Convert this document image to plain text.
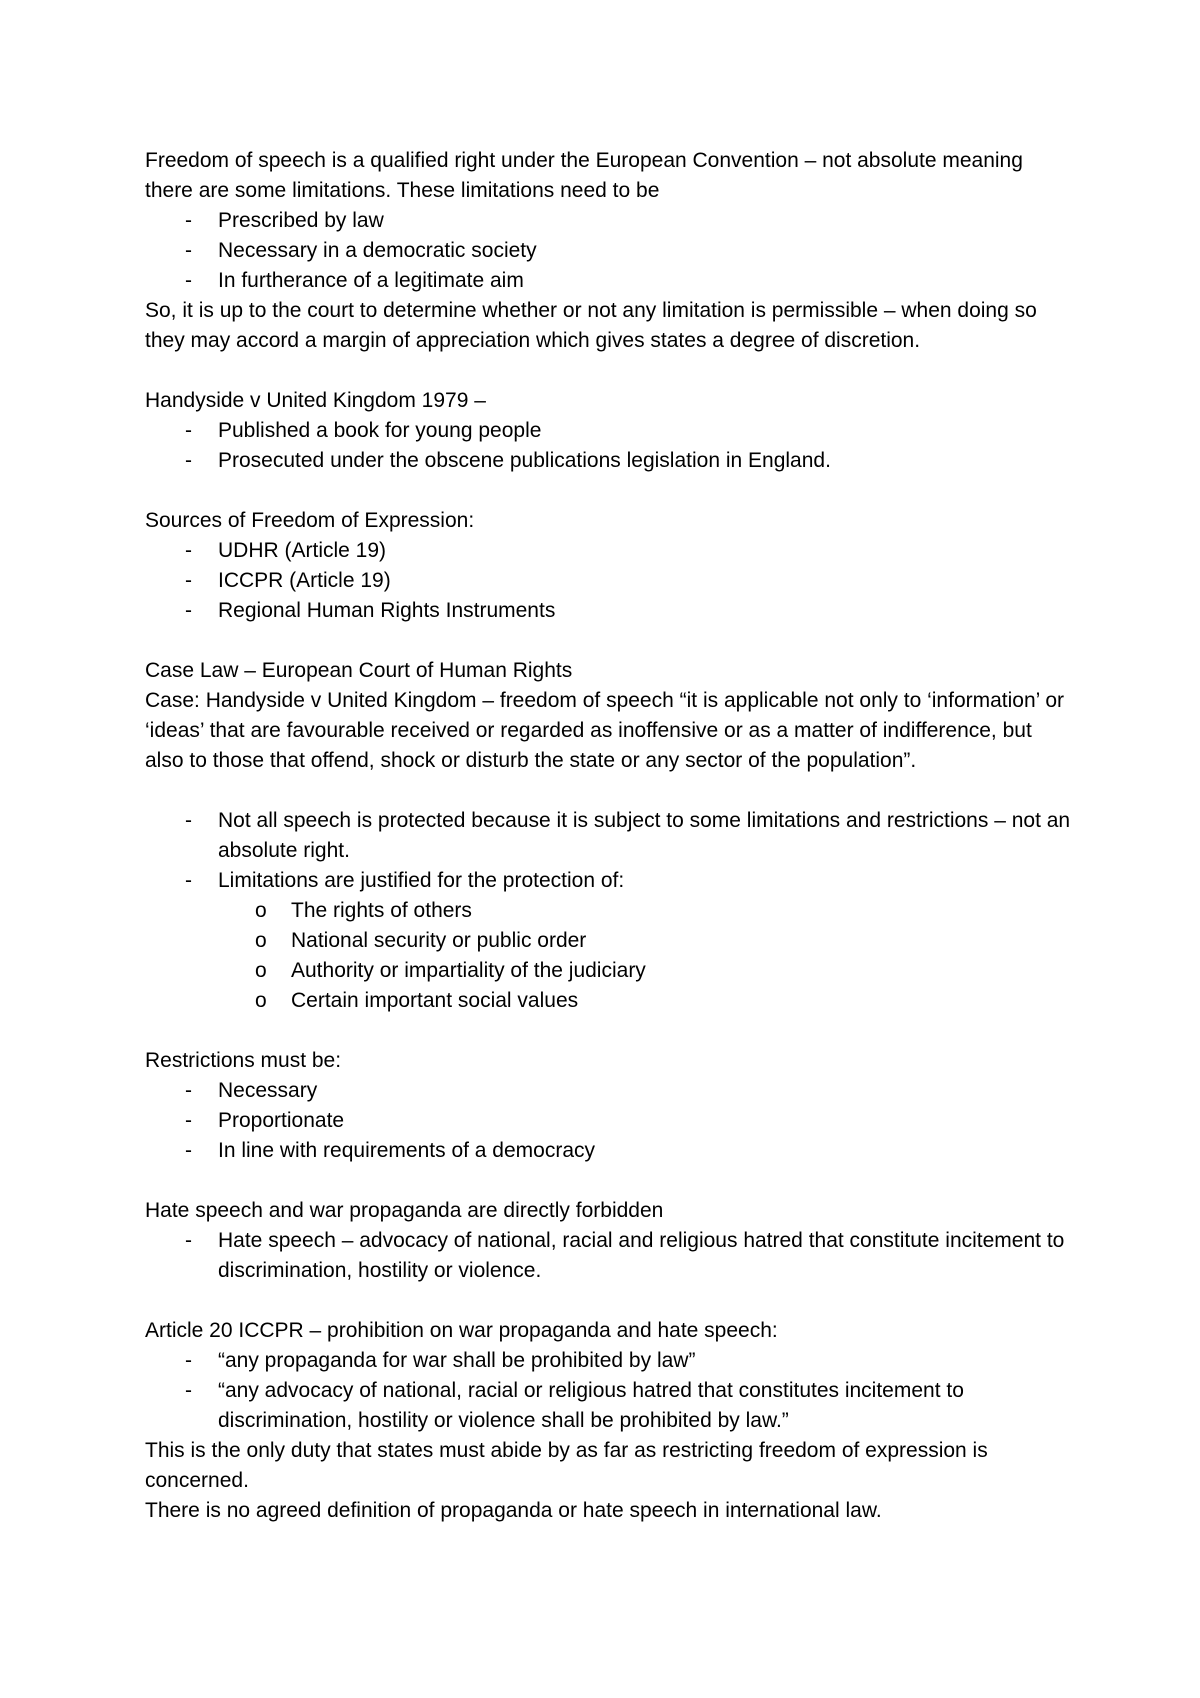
Freedom of speech is a qualified right under the European Convention – not absolute meaning there are some limitations. These limitations need to be

- Prescribed by law
- Necessary in a democratic society
- In furtherance of a legitimate aim

So, it is up to the court to determine whether or not any limitation is permissible – when doing so they may accord a margin of appreciation which gives states a degree of discretion.

Handyside v United Kingdom 1979 –

- Published a book for young people
- Prosecuted under the obscene publications legislation in England.

Sources of Freedom of Expression:

- UDHR (Article 19)
- ICCPR (Article 19)
- Regional Human Rights Instruments

Case Law – European Court of Human Rights

Case: Handyside v United Kingdom – freedom of speech “it is applicable not only to ‘information’ or ‘ideas’ that are favourable received or regarded as inoffensive or as a matter of indifference, but also to those that offend, shock or disturb the state or any sector of the population”.

- Not all speech is protected because it is subject to some limitations and restrictions – not an absolute right.
- Limitations are justified for the protection of:
o The rights of others
o National security or public order
o Authority or impartiality of the judiciary
o Certain important social values

Restrictions must be:

- Necessary
- Proportionate
- In line with requirements of a democracy

Hate speech and war propaganda are directly forbidden

- Hate speech – advocacy of national, racial and religious hatred that constitute incitement to discrimination, hostility or violence.

Article 20 ICCPR – prohibition on war propaganda and hate speech:

- “any propaganda for war shall be prohibited by law”
- “any advocacy of national, racial or religious hatred that constitutes incitement to discrimination, hostility or violence shall be prohibited by law.”

This is the only duty that states must abide by as far as restricting freedom of expression is concerned.

There is no agreed definition of propaganda or hate speech in international law.
